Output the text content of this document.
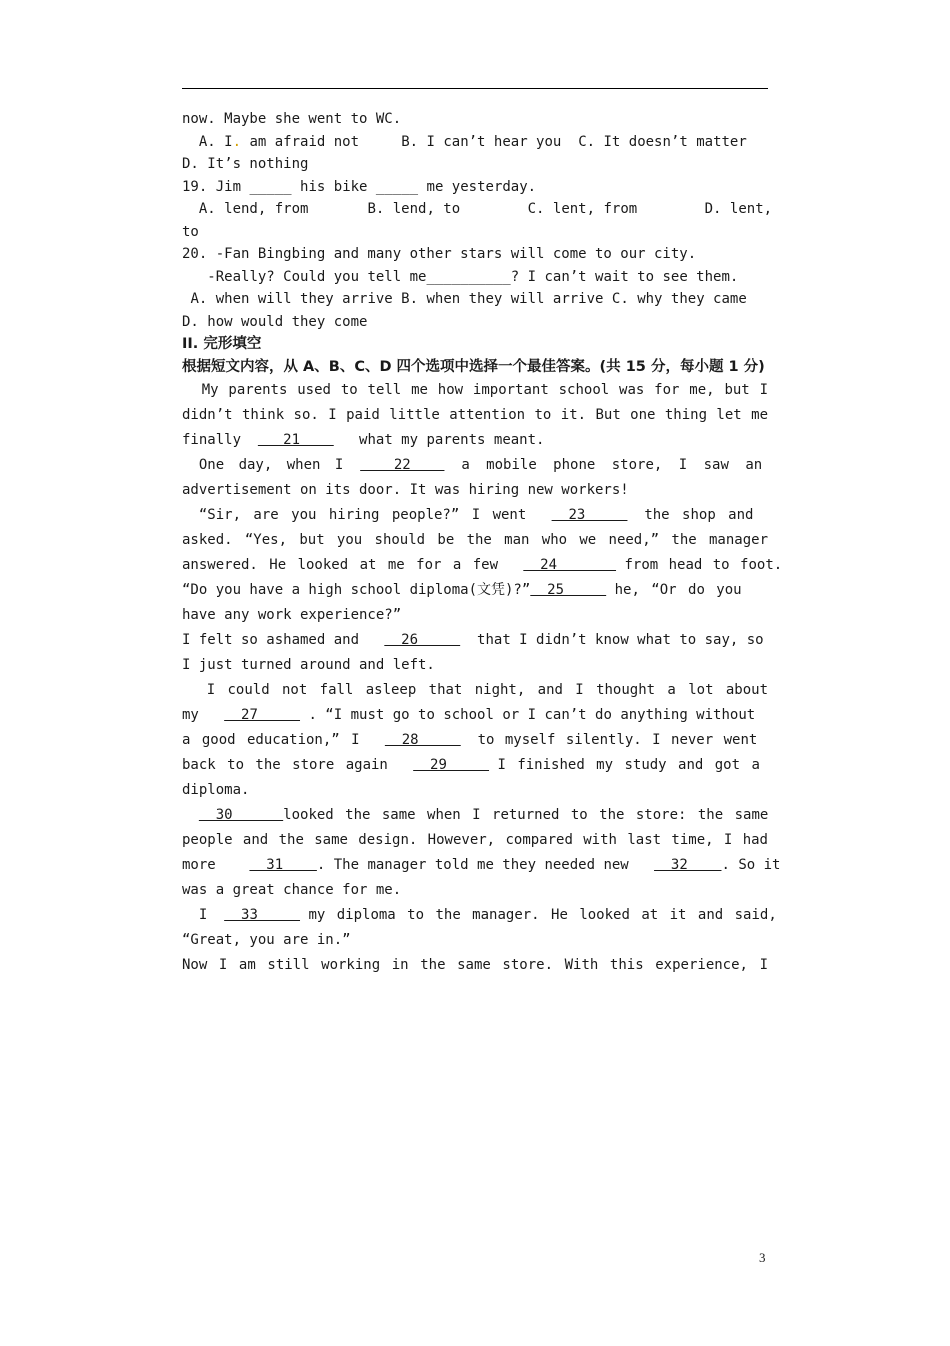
now. Maybe she went to WC.
A. I. am afraid not	B. I can’t hear you C. It doesn’t matter
D. It’s nothing
19. Jim _____ his bike _____ me yesterday.
A. lend, from	B. lend, to	C. lent, from	D. lent,
to
20. -Fan Bingbing and many other stars will come to our city.
-Really? Could you tell me__________? I can’t wait to see them.
A. when will they arrive B. when they will arrive C. why they came
D. how would they come
II. 完形填空
根据短文内容，从 A、B、C、D 四个选项中选择一个最佳答案。(共 15 分，每小题 1 分)
My parents used to tell me how important school was for me, but I
didn’t think so. I paid little attention to it. But one thing let me
finally     21       what my parents meant.
One day, when I      22      a mobile phone store, I saw an
advertisement on its door. It was hiring new workers!
“Sir, are you hiring people?” I went     23       the shop and
asked. “Yes, but you should be the man who we need,” the manager
answered. He looked at me for a few     24        from head to foot.
“Do you have a high school diploma(文凭)?”  25      he, “Or do you
have any work experience?”
I felt so ashamed and     26       that I didn’t know what to say, so
I just turned around and left.
I could not fall asleep that night, and I thought a lot about
my     27      . “I must go to school or I can’t do anything without
a good education,” I     28       to myself silently. I never went
back to the store again     29      I finished my study and got a
diploma.
30      looked the same when I returned to the store: the same
people and the same design. However, compared with last time, I had
more      31    . The manager told me they needed new     32    . So it
was a great chance for me.
I    33      my diploma to the manager. He looked at it and said,
“Great, you are in.”
Now I am still working in the same store. With this experience, I
3
